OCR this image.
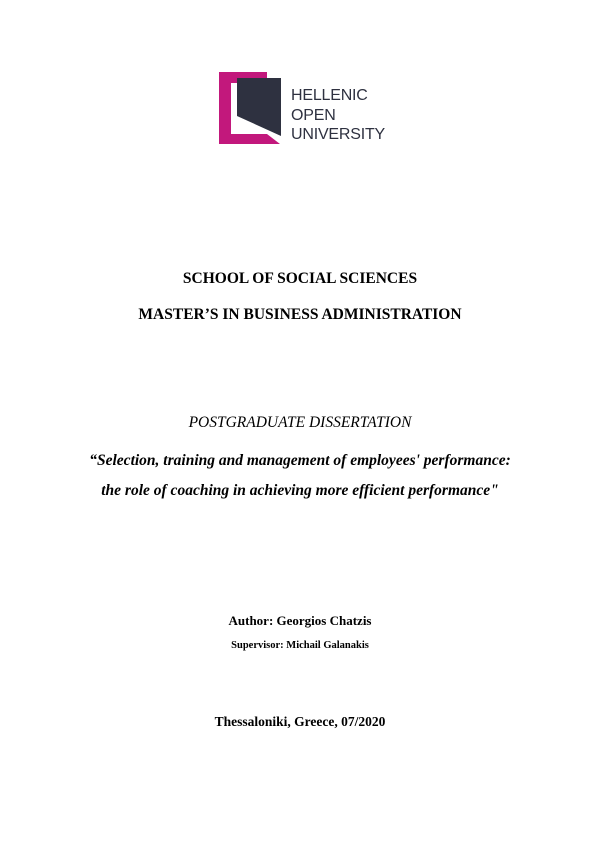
HELLENIC
OPEN
UNIVERSITY
SCHOOL OF SOCIAL SCIENCES
MASTER’S IN BUSINESS ADMINISTRATION
POSTGRADUATE DISSERTATION
“Selection, training and management of employees' performance:
the role of coaching in achieving more efficient performance"
Author: Georgios Chatzis
Supervisor: Michail Galanakis
Thessaloniki, Greece, 07/2020
